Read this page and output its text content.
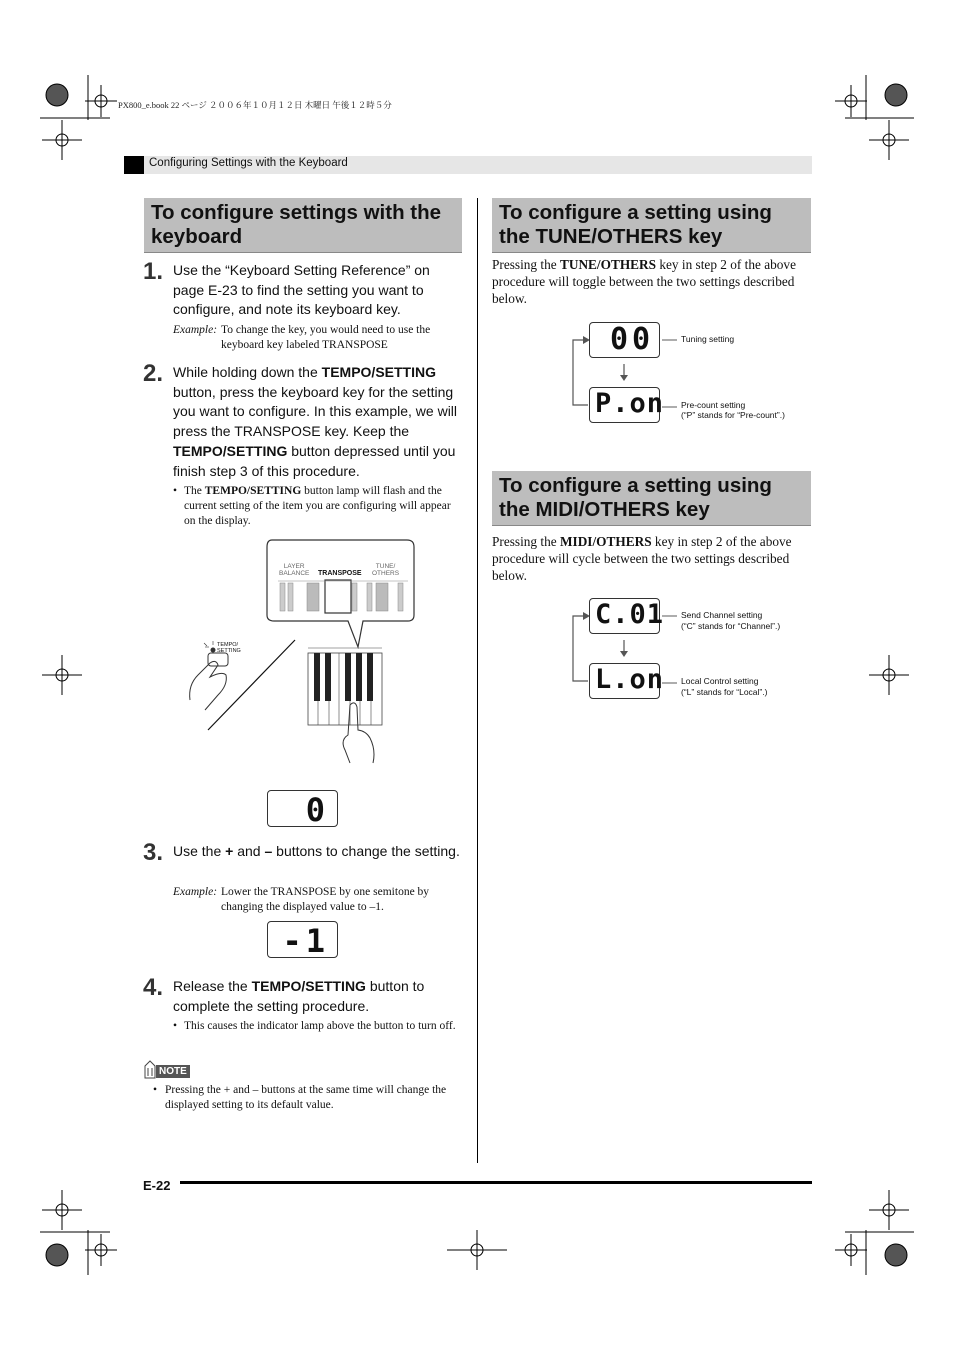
PX800_e.book 22 ページ ２００６年１０月１２日 木曜日 午後１２時５分
Configuring Settings with the Keyboard
To configure settings with the keyboard
1. Use the “Keyboard Setting Reference” on page E-23 to find the setting you want to configure, and note its keyboard key.
Example: To change the key, you would need to use the keyboard key labeled TRANSPOSE
2. While holding down the TEMPO/SETTING button, press the keyboard key for the setting you want to configure. In this example, we will press the TRANSPOSE key. Keep the TEMPO/SETTING button depressed until you finish step 3 of this procedure.
• The TEMPO/SETTING button lamp will flash and the current setting of the item you are configuring will appear on the display.
LAYER
BALANCE TRANSPOSE
TUNE/
OTHERS
TEMPO/
SETTING
0
3. Use the + and – buttons to change the setting.
Example: Lower the TRANSPOSE by one semitone by changing the displayed value to –1.
-1
4. Release the TEMPO/SETTING button to complete the setting procedure.
• This causes the indicator lamp above the button to turn off.
NOTE
• Pressing the + and – buttons at the same time will change the displayed setting to its default value.
To configure a setting using the TUNE/OTHERS key
Pressing the TUNE/OTHERS key in step 2 of the above procedure will toggle between the two settings described below.
00
P.on
Tuning setting
Pre-count setting
(“P” stands for “Pre-count”.)
To configure a setting using the MIDI/OTHERS key
Pressing the MIDI/OTHERS key in step 2 of the above procedure will cycle between the two settings described below.
C.01
L.on
Send Channel setting
(“C” stands for “Channel”.)
Local Control setting
(“L” stands for “Local”.)
E-22
